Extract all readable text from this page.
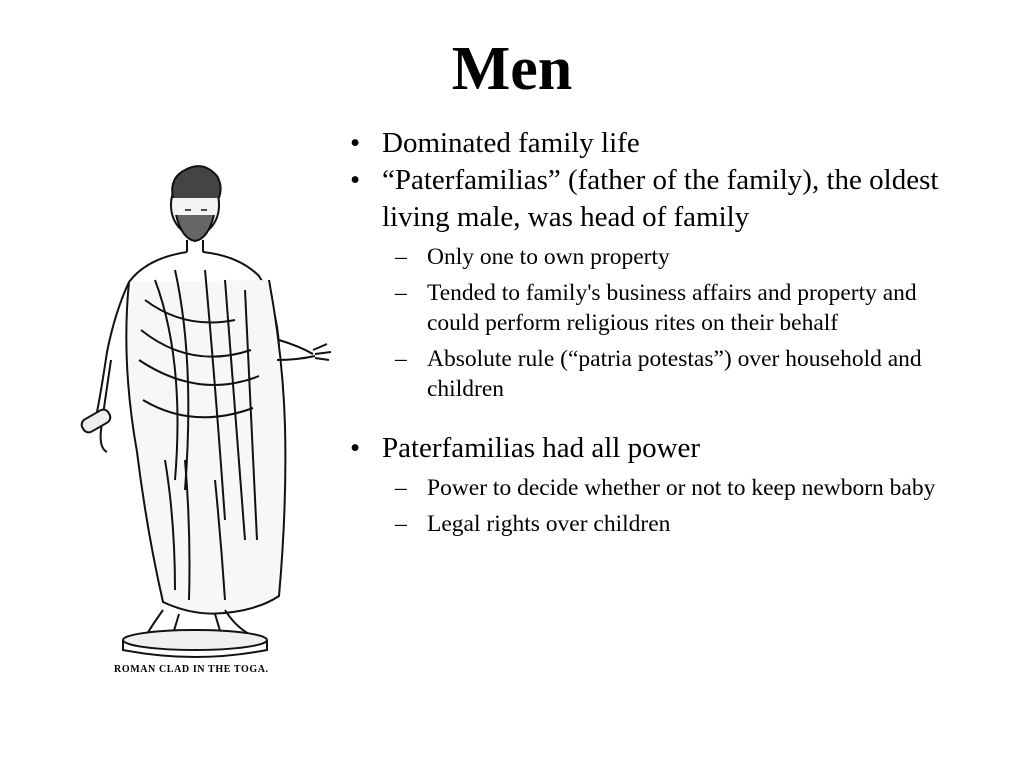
Men
ROMAN CLAD IN THE TOGA.
• Dominated family life
• “Paterfamilias” (father of the family), the oldest living male, was head of family
– Only one to own property
– Tended to family's business affairs and property and could perform religious rites on their behalf
– Absolute rule (“patria potestas”) over household and children
• Paterfamilias had all power
– Power to decide whether or not to keep newborn baby
– Legal rights over children
